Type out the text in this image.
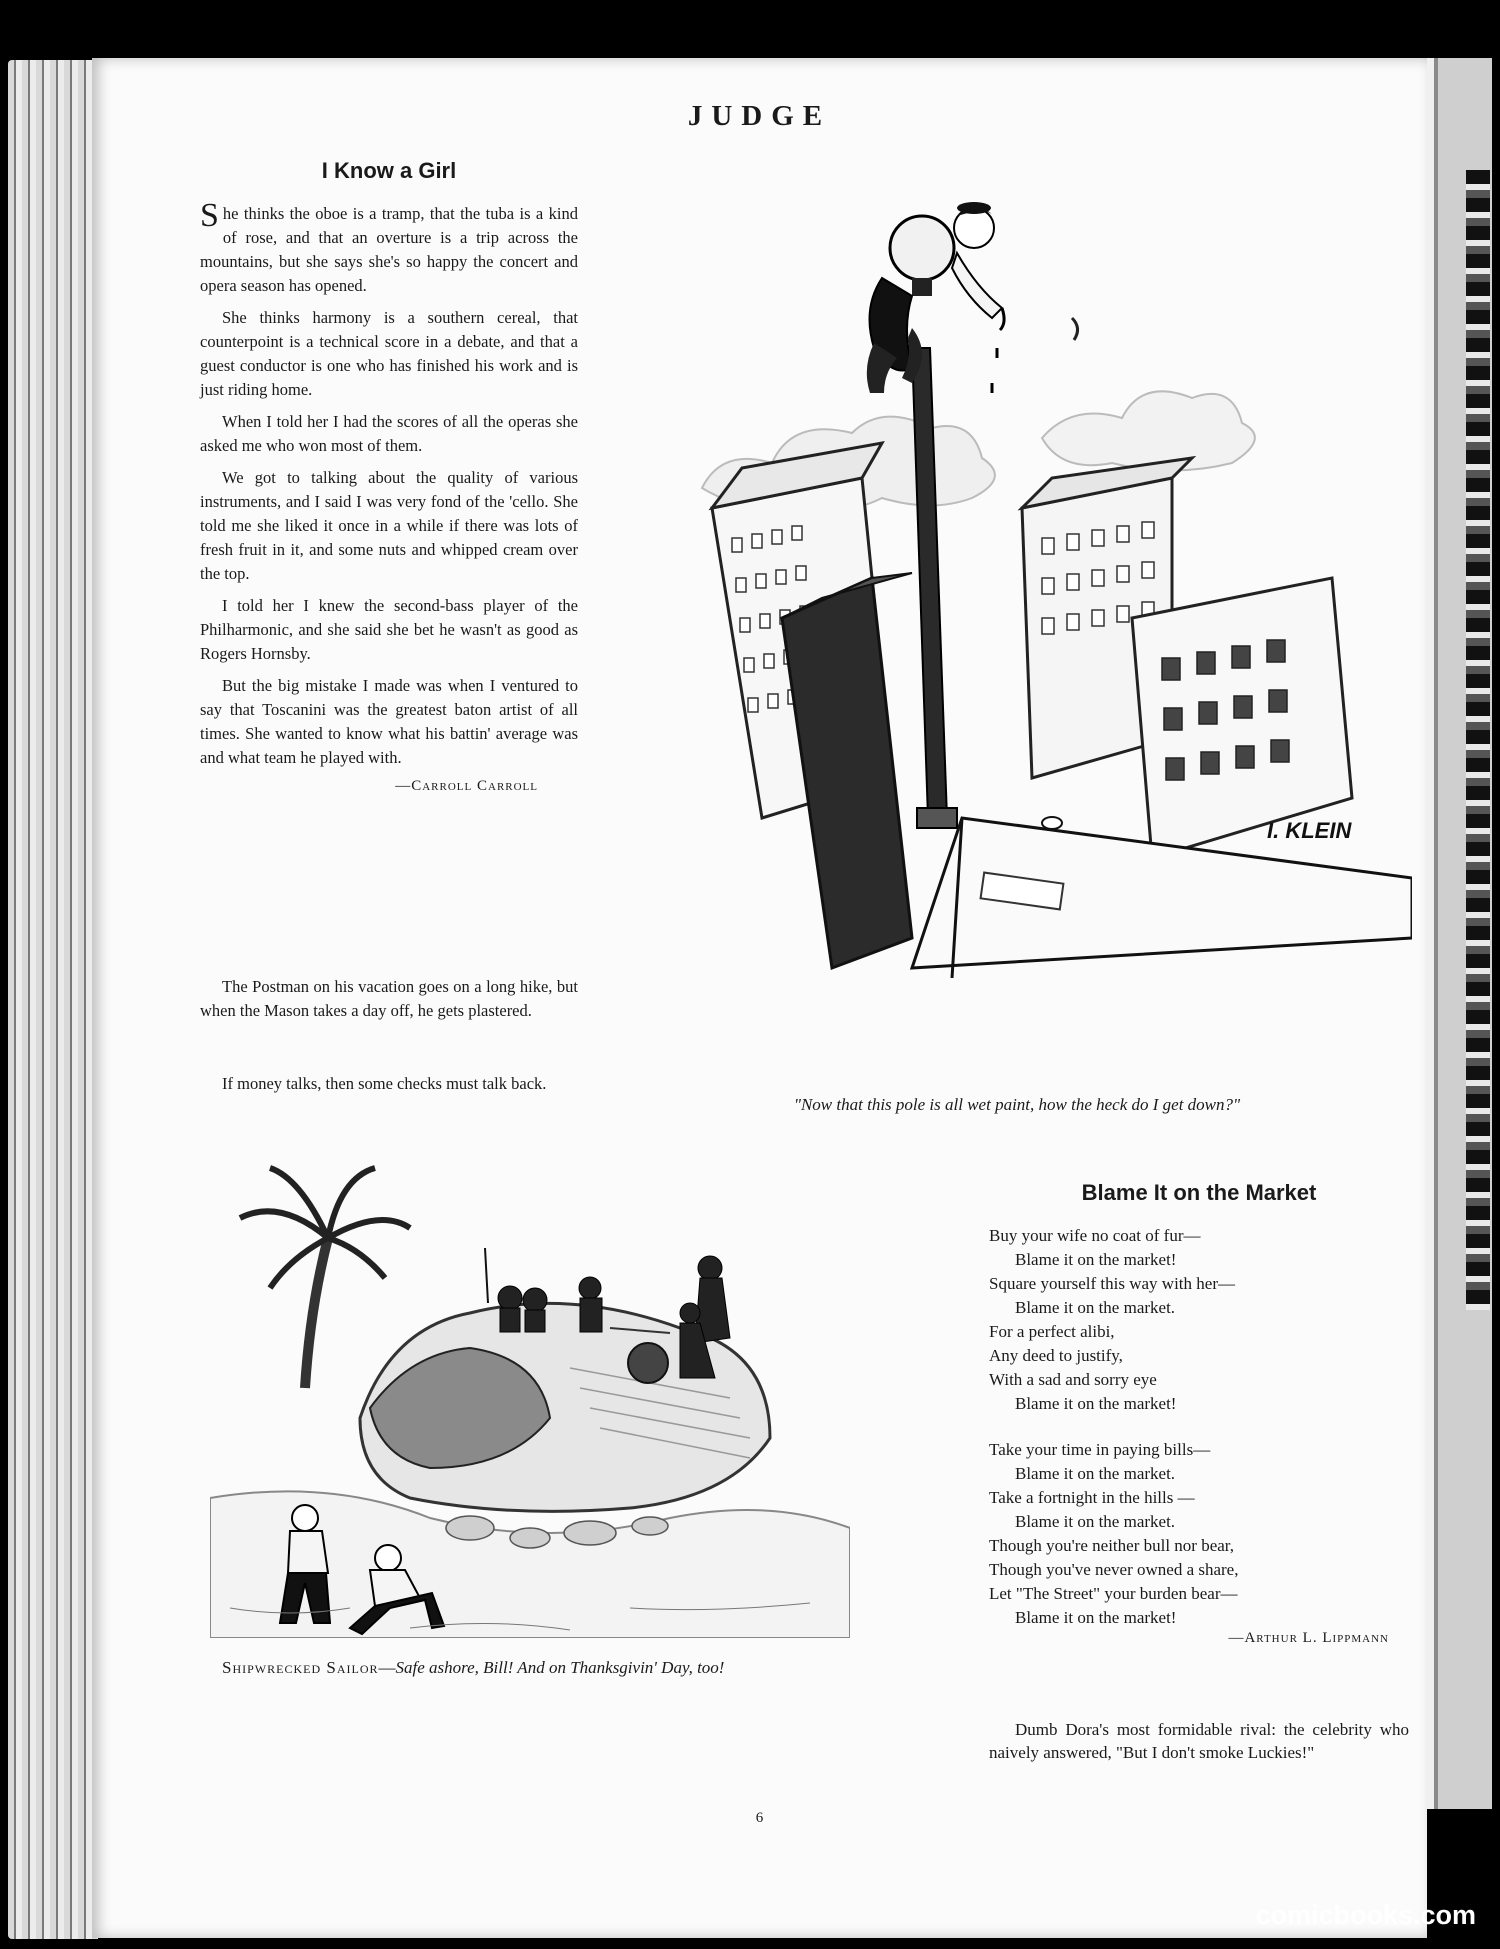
JUDGE
I Know a Girl

She thinks the oboe is a tramp, that the tuba is a kind of rose, and that an overture is a trip across the mountains, but she says she's so happy the concert and opera season has opened.

She thinks harmony is a southern cereal, that counterpoint is a technical score in a debate, and that a guest conductor is one who has finished his work and is just riding home.

When I told her I had the scores of all the operas she asked me who won most of them.

We got to talking about the quality of various instruments, and I said I was very fond of the 'cello. She told me she liked it once in a while if there was lots of fresh fruit in it, and some nuts and whipped cream over the top.

I told her I knew the second-bass player of the Philharmonic, and she said she bet he wasn't as good as Rogers Hornsby.

But the big mistake I made was when I ventured to say that Toscanini was the greatest baton artist of all times. She wanted to know what his battin' average was and what team he played with.

—Carroll Carroll

The Postman on his vacation goes on a long hike, but when the Mason takes a day off, he gets plastered.

If money talks, then some checks must talk back.

I. KLEIN
"Now that this pole is all wet paint, how the heck do I get down?"
Shipwrecked Sailor—Safe ashore, Bill! And on Thanksgivin' Day, too!
Blame It on the Market
Buy your wife no coat of fur—
Blame it on the market!
Square yourself this way with her—
Blame it on the market.
For a perfect alibi,
Any deed to justify,
With a sad and sorry eye
Blame it on the market!
Take your time in paying bills—
Blame it on the market.
Take a fortnight in the hills —
Blame it on the market.
Though you're neither bull nor bear,
Though you've never owned a share,
Let "The Street" your burden bear—
Blame it on the market!

—Arthur L. Lippmann

Dumb Dora's most formidable rival: the celebrity who naively answered, "But I don't smoke Luckies!"

6
comicbooks.com
